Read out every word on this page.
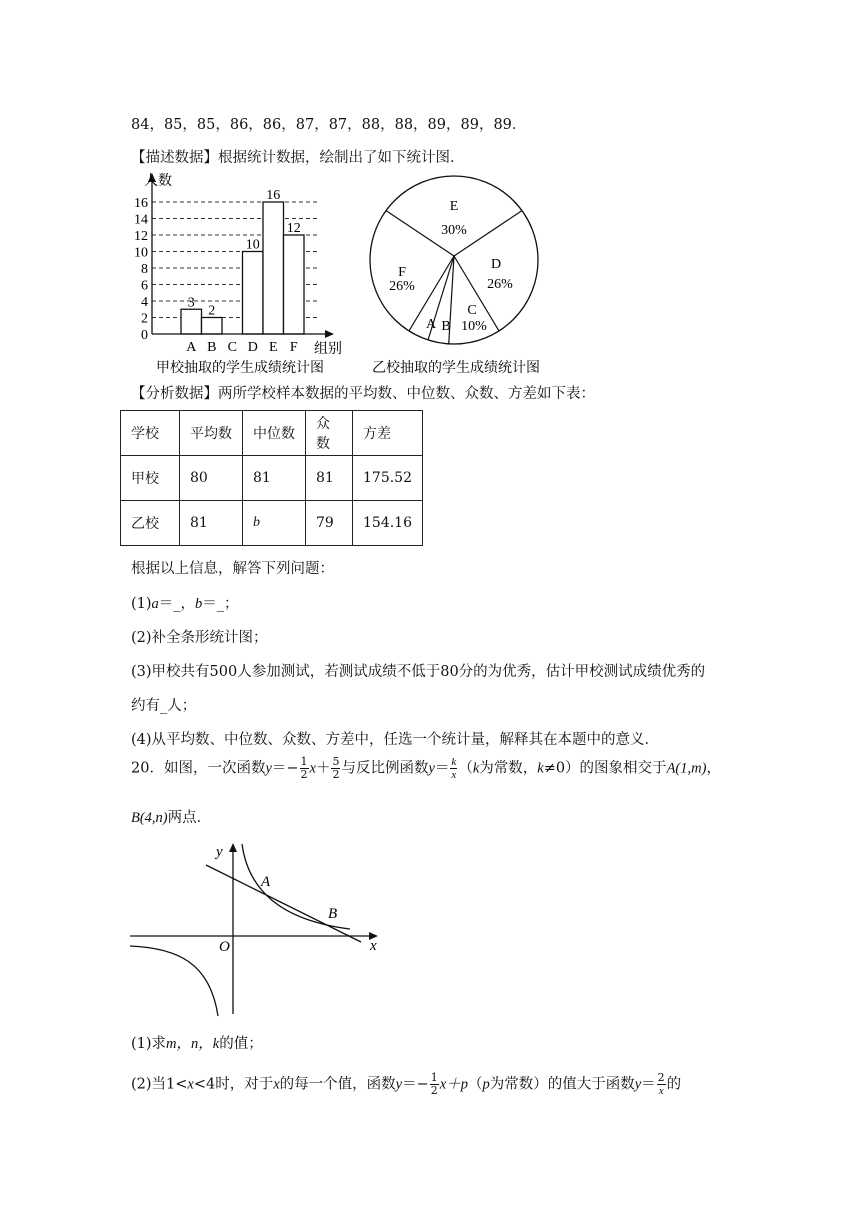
84，85，85，86，86，87，87，88，88，89，89，89．
【描述数据】根据统计数据，绘制出了如下统计图．
3
2
10
16
12
0
2
4
6
8
10
12
14
16
A B C D E F
人数
组别
甲校抽取的学生成绩统计图
E
30%
D
26%
C
10%
B
A
F
26%
乙校抽取的学生成绩统计图
【分析数据】两所学校样本数据的平均数、中位数、众数、方差如下表：
学校	平均数	中位数	众数	方差
甲校	80	81	81	175.52
乙校	81	b	79	154.16
根据以上信息，解答下列问题：
(1)a＝_，b＝_；
(2)补全条形统计图；
(3)甲校共有500人参加测试，若测试成绩不低于80分的为优秀，估计甲校测试成绩优秀的
约有_人；
(4)从平均数、中位数、众数、方差中，任选一个统计量，解释其在本题中的意义．
20．如图，一次函数$y=- \frac{1}{2} x+ \frac{5}{2}$ 与反比例函数$y= \frac{k}{x} (k$为常数，k≠0）的图象相交于A(1,m)，
B(4,n)两点．
y
x
O
A
B
(1)求m，n，k的值；
(2)当1<x<4时，对于x的每一个值，函数$y=- \frac{1}{2} x+p(p$为常数）的值大于函数$y= \frac{2}{x}$ 的
